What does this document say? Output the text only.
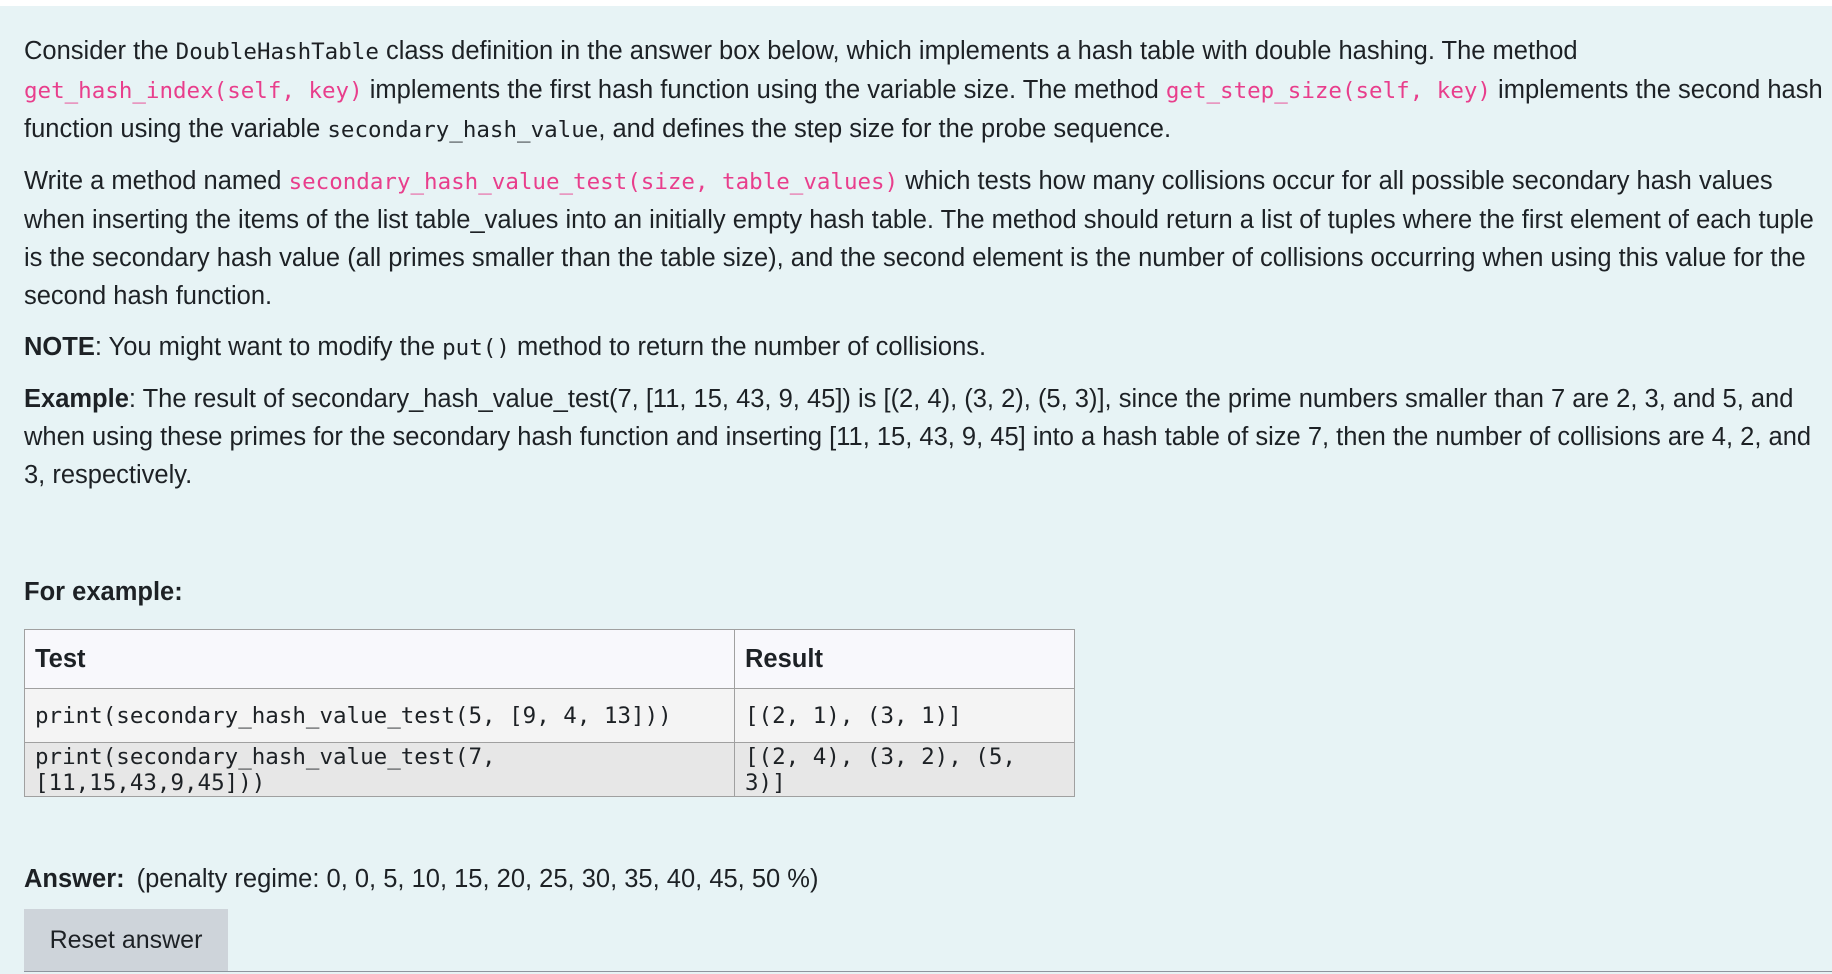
Consider the DoubleHashTable class definition in the answer box below, which implements a hash table with double hashing. The method get_hash_index(self, key) implements the first hash function using the variable size. The method get_step_size(self, key) implements the second hash function using the variable secondary_hash_value, and defines the step size for the probe sequence.

Write a method named secondary_hash_value_test(size, table_values) which tests how many collisions occur for all possible secondary hash values when inserting the items of the list table_values into an initially empty hash table. The method should return a list of tuples where the first element of each tuple is the secondary hash value (all primes smaller than the table size), and the second element is the number of collisions occurring when using this value for the second hash function.

NOTE: You might want to modify the put() method to return the number of collisions.

Example: The result of secondary_hash_value_test(7, [11, 15, 43, 9, 45]) is [(2, 4), (3, 2), (5, 3)], since the prime numbers smaller than 7 are 2, 3, and 5, and when using these primes for the secondary hash function and inserting [11, 15, 43, 9, 45] into a hash table of size 7, then the number of collisions are 4, 2, and 3, respectively.

For example:
Test	Result
print(secondary_hash_value_test(5, [9, 4, 13]))	[(2, 1), (3, 1)]
print(secondary_hash_value_test(7, [11,15,43,9,45]))	[(2, 4), (3, 2), (5, 3)]
Answer: (penalty regime: 0, 0, 5, 10, 15, 20, 25, 30, 35, 40, 45, 50 %)
Reset answer
